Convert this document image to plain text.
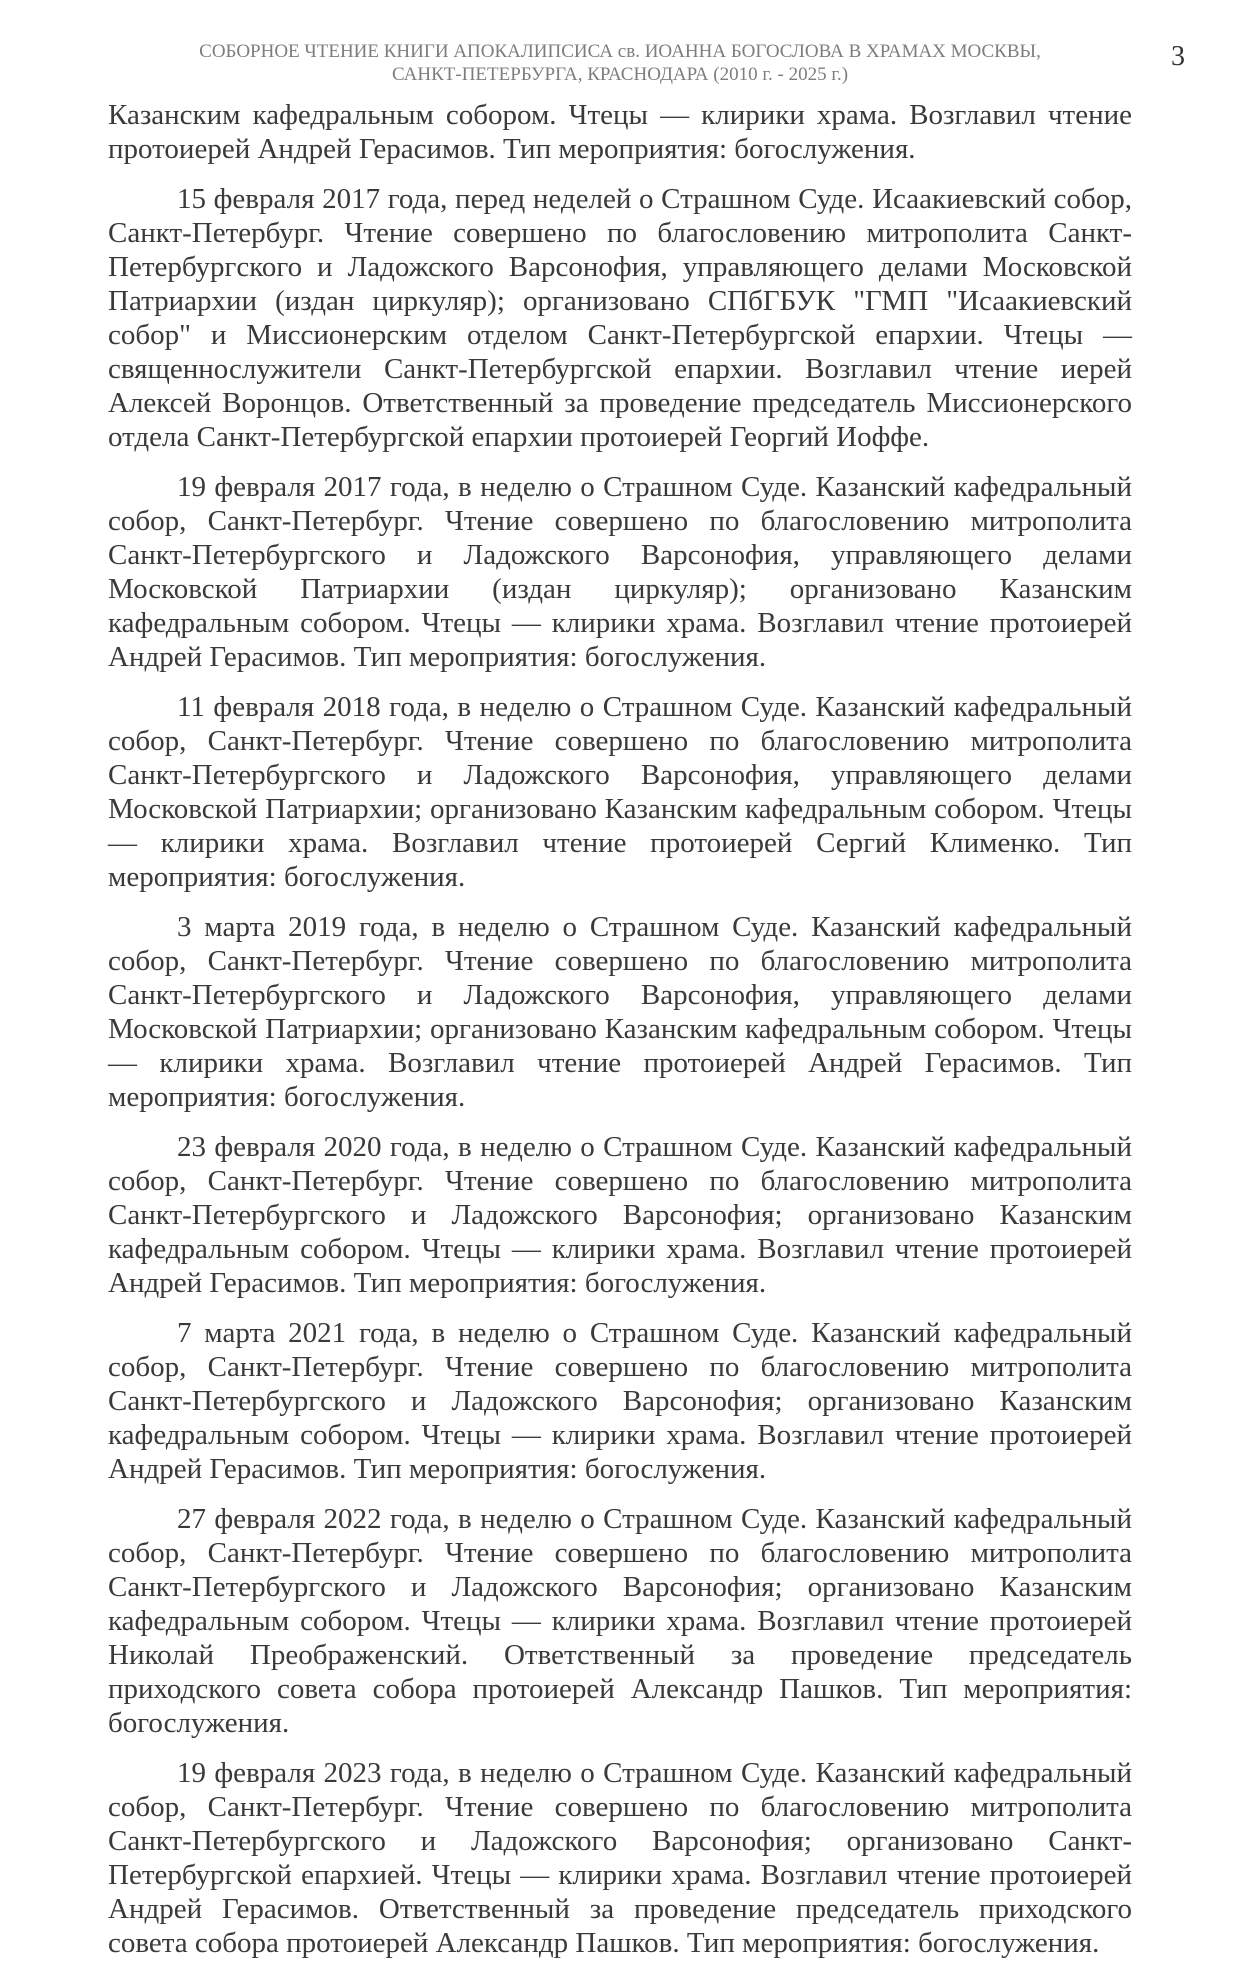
СОБОРНОЕ ЧТЕНИЕ КНИГИ АПОКАЛИПСИСА св. ИОАННА БОГОСЛОВА В ХРАМАХ МОСКВЫ,
САНКТ-ПЕТЕРБУРГА, КРАСНОДАРА (2010 г. - 2025 г.)
3

Казанским кафедральным собором. Чтецы — клирики храма. Возглавил чтение протоиерей Андрей Герасимов. Тип мероприятия: богослужения.

15 февраля 2017 года, перед неделей о Страшном Суде. Исаакиевский собор, Санкт-Петербург. Чтение совершено по благословению митрополита Санкт-Петербургского и Ладожского Варсонофия, управляющего делами Московской Патриархии (издан циркуляр); организовано СПбГБУК "ГМП "Исаакиевский собор" и Миссионерским отделом Санкт-Петербургской епархии. Чтецы — священнослужители Санкт-Петербургской епархии. Возглавил чтение иерей Алексей Воронцов. Ответственный за проведение председатель Миссионерского отдела Санкт-Петербургской епархии протоиерей Георгий Иоффе.

19 февраля 2017 года, в неделю о Страшном Суде. Казанский кафедральный собор, Санкт-Петербург. Чтение совершено по благословению митрополита Санкт-Петербургского и Ладожского Варсонофия, управляющего делами Московской Патриархии (издан циркуляр); организовано Казанским кафедральным собором. Чтецы — клирики храма. Возглавил чтение протоиерей Андрей Герасимов. Тип мероприятия: богослужения.

11 февраля 2018 года, в неделю о Страшном Суде. Казанский кафедральный собор, Санкт-Петербург. Чтение совершено по благословению митрополита Санкт-Петербургского и Ладожского Варсонофия, управляющего делами Московской Патриархии; организовано Казанским кафедральным собором. Чтецы — клирики храма. Возглавил чтение протоиерей Сергий Клименко. Тип мероприятия: богослужения.

3 марта 2019 года, в неделю о Страшном Суде. Казанский кафедральный собор, Санкт-Петербург. Чтение совершено по благословению митрополита Санкт-Петербургского и Ладожского Варсонофия, управляющего делами Московской Патриархии; организовано Казанским кафедральным собором. Чтецы — клирики храма. Возглавил чтение протоиерей Андрей Герасимов. Тип мероприятия: богослужения.

23 февраля 2020 года, в неделю о Страшном Суде. Казанский кафедральный собор, Санкт-Петербург. Чтение совершено по благословению митрополита Санкт-Петербургского и Ладожского Варсонофия; организовано Казанским кафедральным собором. Чтецы — клирики храма. Возглавил чтение протоиерей Андрей Герасимов. Тип мероприятия: богослужения.

7 марта 2021 года, в неделю о Страшном Суде. Казанский кафедральный собор, Санкт-Петербург. Чтение совершено по благословению митрополита Санкт-Петербургского и Ладожского Варсонофия; организовано Казанским кафедральным собором. Чтецы — клирики храма. Возглавил чтение протоиерей Андрей Герасимов. Тип мероприятия: богослужения.

27 февраля 2022 года, в неделю о Страшном Суде. Казанский кафедральный собор, Санкт-Петербург. Чтение совершено по благословению митрополита Санкт-Петербургского и Ладожского Варсонофия; организовано Казанским кафедральным собором. Чтецы — клирики храма. Возглавил чтение протоиерей Николай Преображенский. Ответственный за проведение председатель приходского совета собора протоиерей Александр Пашков. Тип мероприятия: богослужения.

19 февраля 2023 года, в неделю о Страшном Суде. Казанский кафедральный собор, Санкт-Петербург. Чтение совершено по благословению митрополита Санкт-Петербургского и Ладожского Варсонофия; организовано Санкт-Петербургской епархией. Чтецы — клирики храма. Возглавил чтение протоиерей Андрей Герасимов. Ответственный за проведение председатель приходского совета собора протоиерей Александр Пашков. Тип мероприятия: богослужения.
